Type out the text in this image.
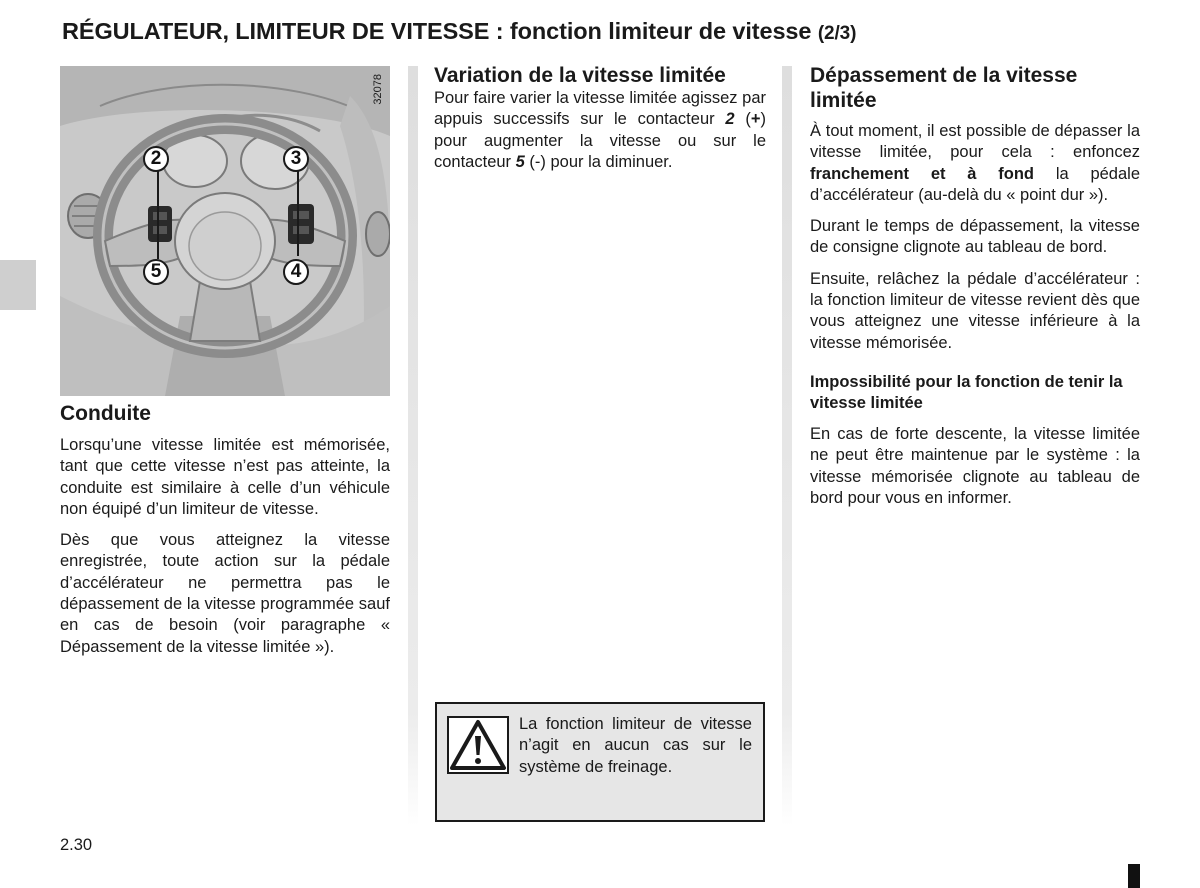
RÉGULATEUR, LIMITEUR DE VITESSE : fonction limiteur de vitesse (2/3)
32078
2	3
5	4
Conduite

Lorsqu’une vitesse limitée est mémorisée, tant que cette vitesse n’est pas atteinte, la conduite est similaire à celle d’un véhicule non équipé d’un limiteur de vitesse.

Dès que vous atteignez la vitesse enregistrée, toute action sur la pédale d’accélérateur ne permettra pas le dépassement de la vitesse programmée sauf en cas de besoin (voir paragraphe « Dépassement de la vitesse limitée »).

Variation de la vitesse limitée

Pour faire varier la vitesse limitée agissez par appuis successifs sur le contacteur 2 (+) pour augmenter la vitesse ou sur le contacteur 5 (-) pour la diminuer.

La fonction limiteur de vitesse n’agit en aucun cas sur le système de freinage.

Dépassement de la vitesse limitée

À tout moment, il est possible de dépasser la vitesse limitée, pour cela : enfoncez franchement et à fond la pédale d’accélérateur (au-delà du « point dur »).

Durant le temps de dépassement, la vitesse de consigne clignote au tableau de bord.

Ensuite, relâchez la pédale d’accélérateur : la fonction limiteur de vitesse revient dès que vous atteignez une vitesse inférieure à la vitesse mémorisée.

Impossibilité pour la fonction de tenir la vitesse limitée

En cas de forte descente, la vitesse limitée ne peut être maintenue par le système : la vitesse mémorisée clignote au tableau de bord pour vous en informer.

2.30
